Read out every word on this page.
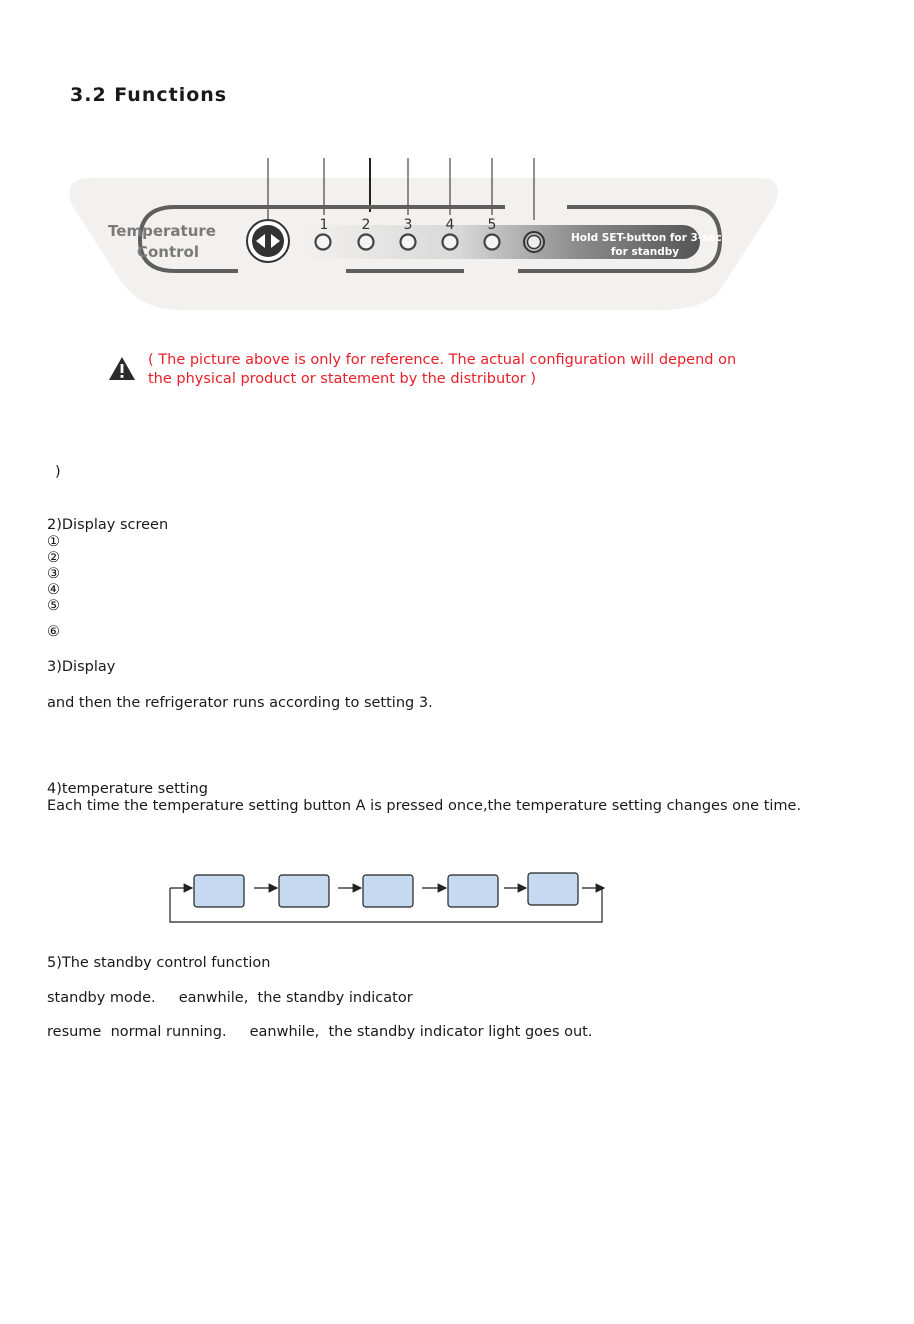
3.2 Functions
Temperature
Control
1 2 3 4 5
Hold SET-button for 3-sec
for standby
( The picture above is only for reference. The actual configuration will depend on
the physical product or statement by the distributor )
)
2)Display screen
①
②
③
④
⑤
⑥
3)Display
and then the refrigerator runs according to setting 3.
4)temperature setting
Each time the temperature setting button A is pressed once,the temperature setting changes one time.
5)The standby control function
standby mode.     eanwhile,  the standby indicator
resume  normal running.     eanwhile,  the standby indicator light goes out.
